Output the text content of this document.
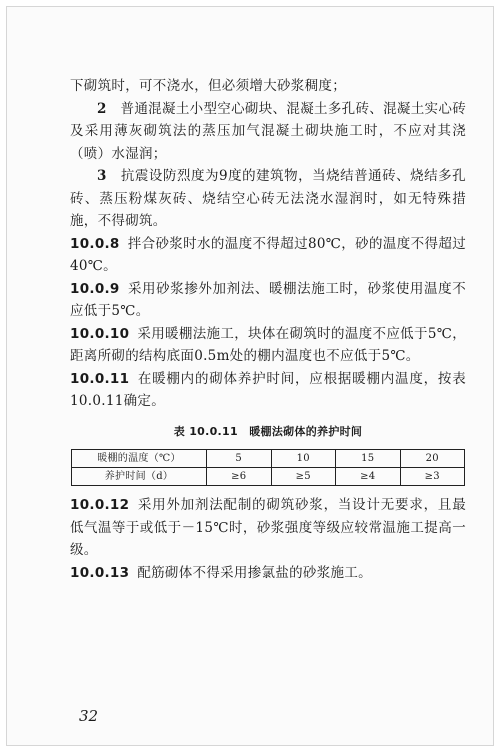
下砌筑时，可不浇水，但必须增大砂浆稠度；

2　 普通混凝土小型空心砌块、混凝土多孔砖、混凝土实心砖及采用薄灰砌筑法的蒸压加气混凝土砌块施工时，不应对其浇（喷）水湿润；

3　 抗震设防烈度为9度的建筑物，当烧结普通砖、烧结多孔砖、蒸压粉煤灰砖、烧结空心砖无法浇水湿润时，如无特殊措施，不得砌筑。

10.0.8 拌合砂浆时水的温度不得超过80℃，砂的温度不得超过40℃。

10.0.9 采用砂浆掺外加剂法、暖棚法施工时，砂浆使用温度不应低于5℃。

10.0.10 采用暖棚法施工，块体在砌筑时的温度不应低于5℃，距离所砌的结构底面0.5m处的棚内温度也不应低于5℃。

10.0.11 在暖棚内的砌体养护时间，应根据暖棚内温度，按表10.0.11确定。

表 10.0.11　暖棚法砌体的养护时间
暖棚的温度（℃）	5	10	15	20
养护时间（d）	≥6	≥5	≥4	≥3

10.0.12 采用外加剂法配制的砌筑砂浆，当设计无要求，且最低气温等于或低于－15℃时，砂浆强度等级应较常温施工提高一级。

10.0.13 配筋砌体不得采用掺氯盐的砂浆施工。

32
